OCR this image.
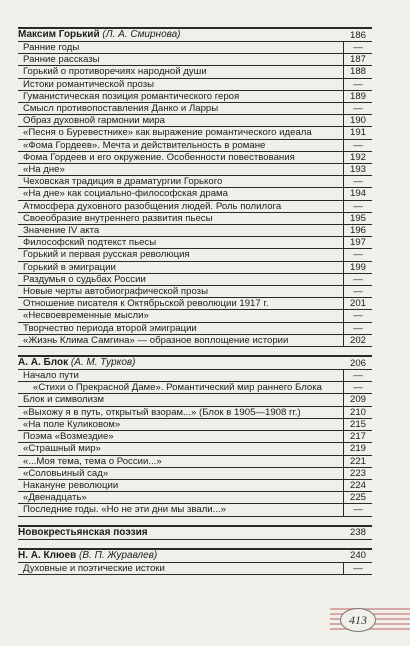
Максим Горький (Л. А. Смирнова)	186
Ранние годы	—
Ранние рассказы	187
Горький о противоречиях народной души	188
Истоки романтической прозы	—
Гуманистическая позиция романтического героя	189
Смысл противопоставления Данко и Ларры	—
Образ духовной гармонии мира	190
«Песня о Буревестнике» как выражение романтического идеала	191
«Фома Гордеев». Мечта и действительность в романе	—
Фома Гордеев и его окружение. Особенности повествования	192
«На дне»	193
Чеховская традиция в драматургии Горького	—
«На дне» как социально-философская драма	194
Атмосфера духовного разобщения людей. Роль полилога	—
Своеобразие внутреннего развития пьесы	195
Значение IV акта	196
Философский подтекст пьесы	197
Горький и первая русская революция	—
Горький в эмиграции	199
Раздумья о судьбах России	—
Новые черты автобиографической прозы	—
Отношение писателя к Октябрьской революции 1917 г.	201
«Несвоевременные мысли»	—
Творчество периода второй эмиграции	—
«Жизнь Клима Самгина» — образное воплощение истории	202
А. А. Блок (А. М. Турков)	206
Начало пути	—
«Стихи о Прекрасной Даме». Романтический мир раннего Блока	—
Блок и символизм	209
«Выхожу я в путь, открытый взорам...» (Блок в 1905—1908 гг.)	210
«На поле Куликовом»	215
Поэма «Возмездие»	217
«Страшный мир»	219
«...Моя тема, тема о России...»	221
«Соловьиный сад»	223
Накануне революции	224
«Двенадцать»	225
Последние годы. «Но не эти дни мы звали...»	—
Новокрестьянская поэзия	238
Н. А. Клюев (В. П. Журавлев)	240
Духовные и поэтические истоки	—
413
